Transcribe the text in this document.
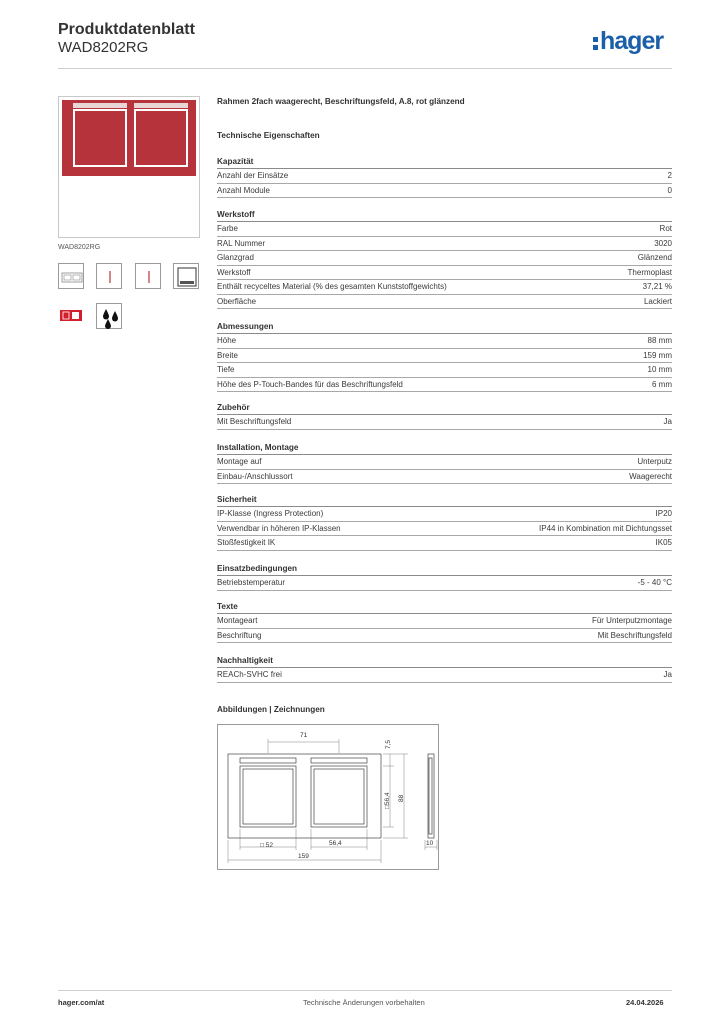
Produktdatenblatt
WAD8202RG	hager
WAD8202RG
Rahmen 2fach waagerecht, Beschriftungsfeld, A.8, rot glänzend
Technische Eigenschaften
Kapazität
Anzahl der Einsätze	2
Anzahl Module	0
Werkstoff
Farbe	Rot
RAL Nummer	3020
Glanzgrad	Glänzend
Werkstoff	Thermoplast
Enthält recyceltes Material (% des gesamten Kunststoffgewichts)	37,21 %
Oberfläche	Lackiert
Abmessungen
Höhe	88 mm
Breite	159 mm
Tiefe	10 mm
Höhe des P-Touch-Bandes für das Beschriftungsfeld	6 mm
Zubehör
Mit Beschriftungsfeld	Ja
Installation, Montage
Montage auf	Unterputz
Einbau-/Anschlussort	Waagerecht
Sicherheit
IP-Klasse (Ingress Protection)	IP20
Verwendbar in höheren IP-Klassen	IP44 in Kombination mit Dichtungsset
Stoßfestigkeit IK	IK05
Einsatzbedingungen
Betriebstemperatur	-5 - 40 °C
Texte
Montageart	Für Unterputzmontage
Beschriftung	Mit Beschriftungsfeld
Nachhaltigkeit
REACh-SVHC frei	Ja
Abbildungen | Zeichnungen
71
7,5
□56,4 88
□ 52	56,4
159
10
hager.com/at	Technische Änderungen vorbehalten	24.04.2026
